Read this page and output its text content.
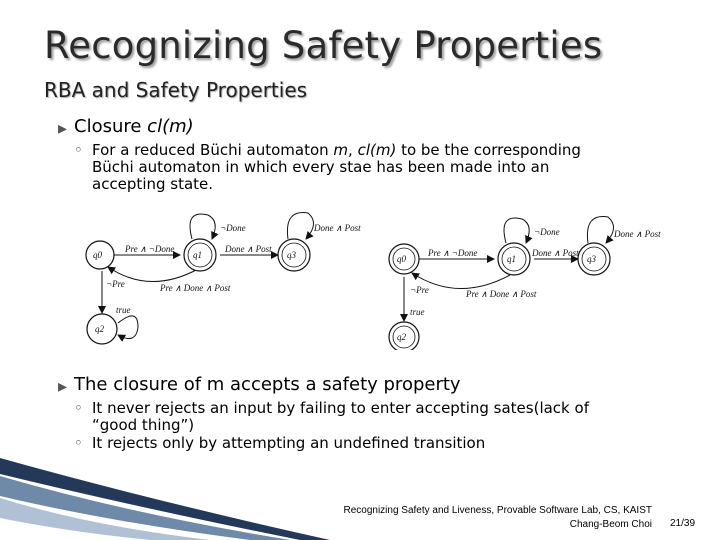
Recognizing Safety Properties
RBA and Safety Properties
▸ Closure cl(m)
◦ For a reduced Büchi automaton m, cl(m) to be the corresponding
Büchi automaton in which every stae has been made into an
accepting state.
q0	q1	q3
q2
Pre ∧ ¬Done	Done ∧ Post
¬Done	Done ∧ Post
Pre ∧ Done ∧ Post
¬Pre
true
q0	q1	q3
q2
Pre ∧ ¬Done	Done ∧ Post
¬Done	Done ∧ Post
Pre ∧ Done ∧ Post
¬Pre
true
▸ The closure of m accepts a safety property
◦ It never rejects an input by failing to enter accepting sates(lack of
“good thing”)
◦ It rejects only by attempting an undefined transition
Recognizing Safety and Liveness, Provable Software Lab, CS, KAIST
Chang-Beom Choi 21/39
